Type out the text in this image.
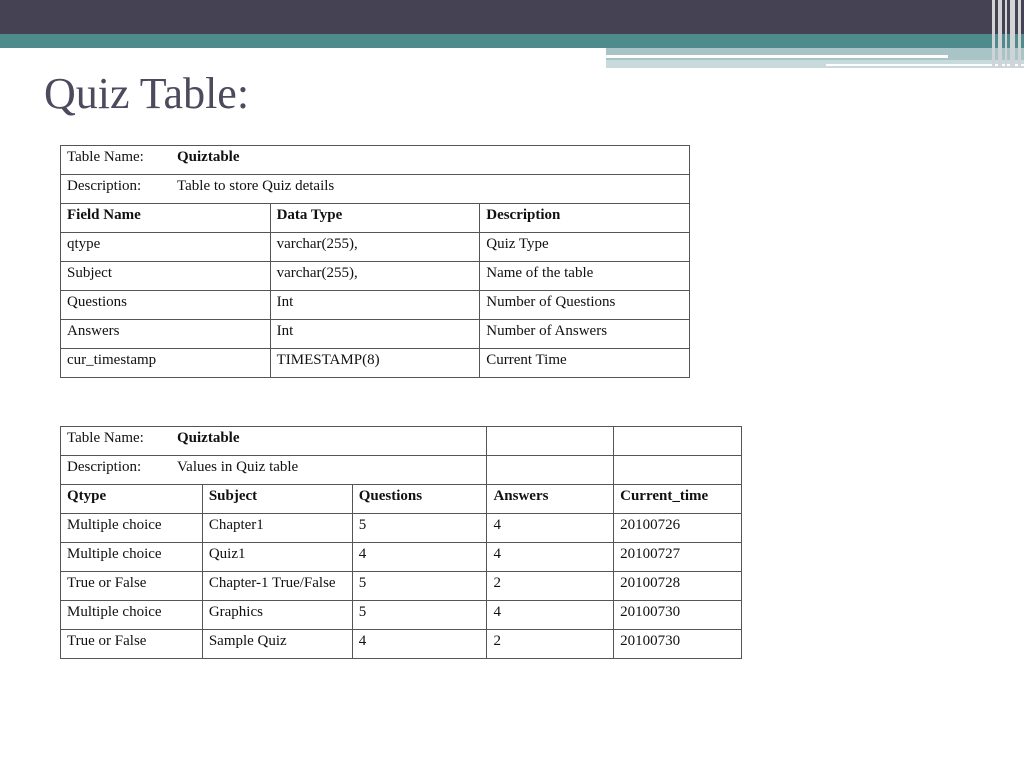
Quiz Table:
Table Name: Quiztable		
Description: Table to store Quiz details		
Field Name	Data Type	Description
qtype	varchar(255),	Quiz Type
Subject	varchar(255),	Name of the table
Questions	Int	Number of Questions
Answers	Int	Number of Answers
cur_timestamp	TIMESTAMP(8)	Current Time
Table Name: Quiztable				
Description: Values in Quiz table				
Qtype	Subject	Questions	Answers	Current_time
Multiple choice	Chapter1	5	4	20100726
Multiple choice	Quiz1	4	4	20100727
True or False	Chapter-1 True/False	5	2	20100728
Multiple choice	Graphics	5	4	20100730
True or False	Sample Quiz	4	2	20100730
